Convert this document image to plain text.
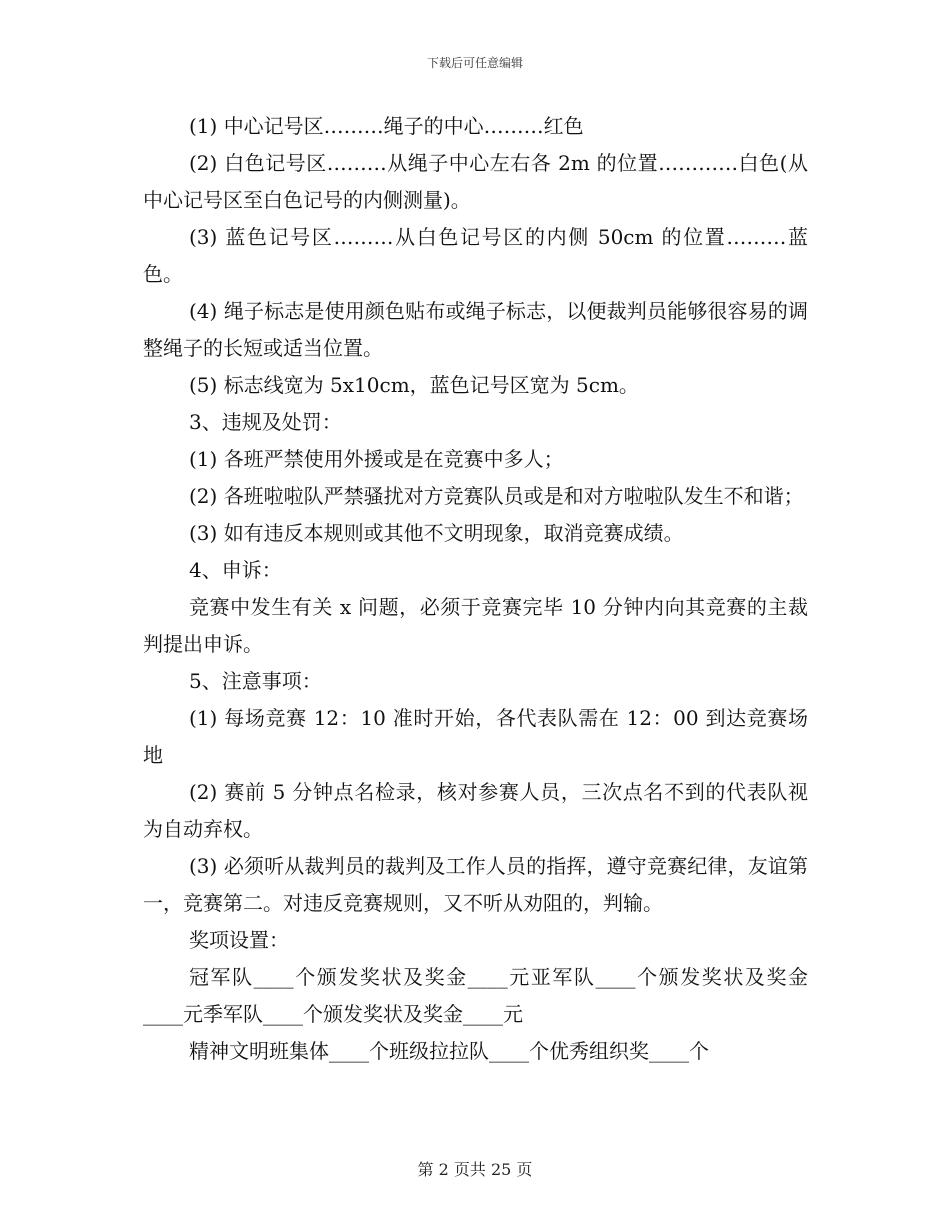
下载后可任意编辑

(1) 中心记号区………绳子的中心………红色

(2) 白色记号区………从绳子中心左右各 2m 的位置…………白色(从中心记号区至白色记号的内侧测量)。

(3) 蓝色记号区………从白色记号区的内侧 50cm 的位置………蓝色。

(4) 绳子标志是使用颜色贴布或绳子标志，以便裁判员能够很容易的调整绳子的长短或适当位置。

(5) 标志线宽为 5x10cm，蓝色记号区宽为 5cm。

3、违规及处罚：

(1) 各班严禁使用外援或是在竞赛中多人；

(2) 各班啦啦队严禁骚扰对方竞赛队员或是和对方啦啦队发生不和谐；

(3) 如有违反本规则或其他不文明现象，取消竞赛成绩。

4、申诉：

竞赛中发生有关 x 问题，必须于竞赛完毕 10 分钟内向其竞赛的主裁判提出申诉。

5、注意事项：

(1) 每场竞赛 12：10 准时开始，各代表队需在 12：00 到达竞赛场地

(2) 赛前 5 分钟点名检录，核对参赛人员，三次点名不到的代表队视为自动弃权。

(3) 必须听从裁判员的裁判及工作人员的指挥，遵守竞赛纪律，友谊第一，竞赛第二。对违反竞赛规则，又不听从劝阻的，判输。

奖项设置：

冠军队____个颁发奖状及奖金____元亚军队____个颁发奖状及奖金____元季军队____个颁发奖状及奖金____元

精神文明班集体____个班级拉拉队____个优秀组织奖____个

第 2 页共 25 页
